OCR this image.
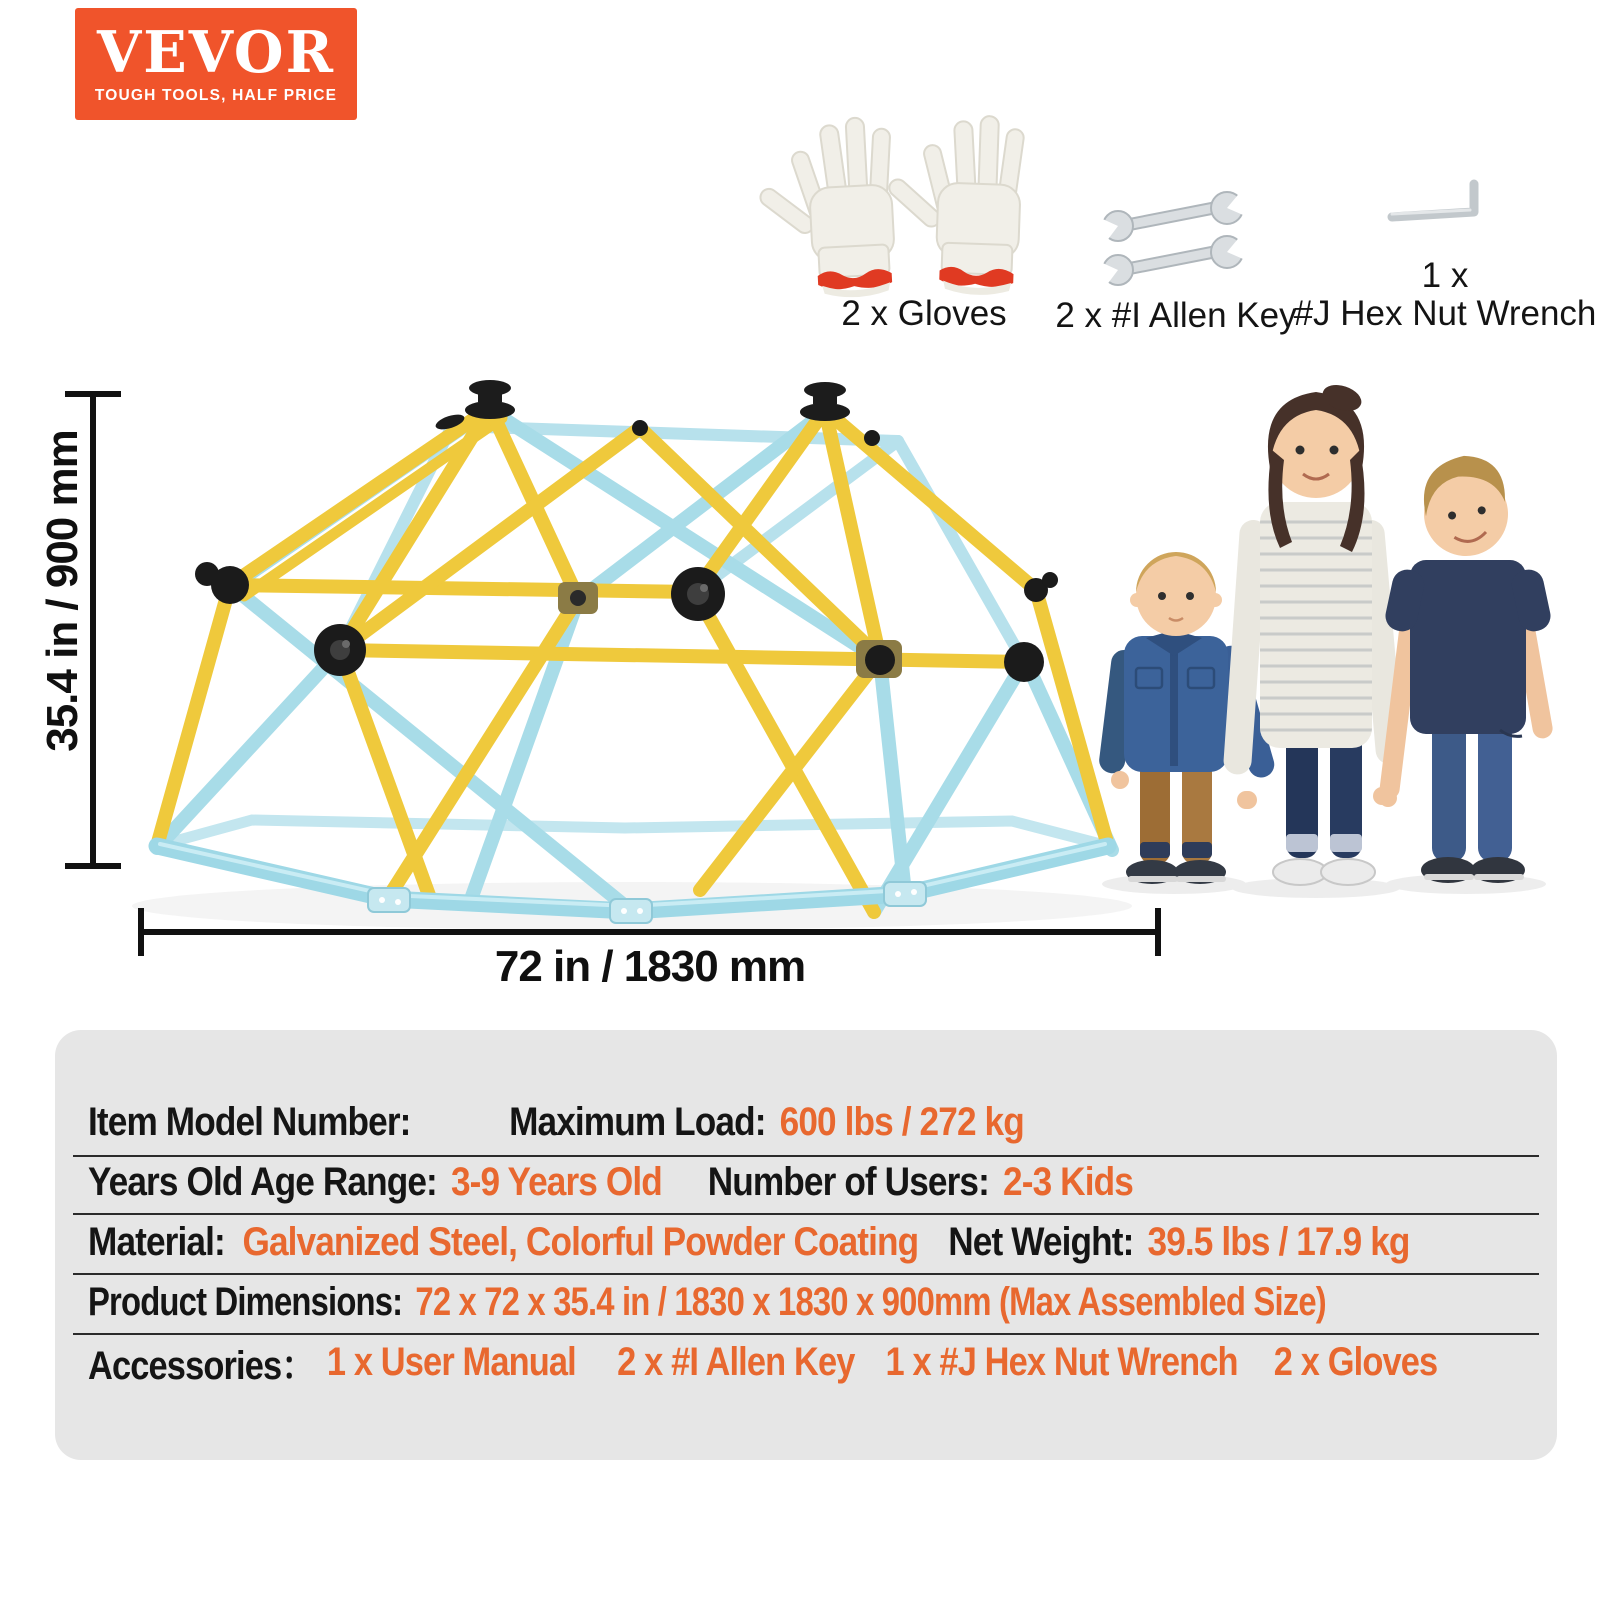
VEVOR
TOUGH TOOLS, HALF PRICE
2 x Gloves	2 x #I Allen Key
1 x
#J Hex Nut Wrench
35.4 in / 900 mm
72 in / 1830 mm
Item Model Number: Maximum Load: 600 lbs / 272 kg
Years Old Age Range: 3-9 Years Old Number of Users: 2-3 Kids
Material: Galvanized Steel, Colorful Powder Coating Net Weight: 39.5 lbs / 17.9 kg
Product Dimensions: 72 x 72 x 35.4 in / 1830 x 1830 x 900mm (Max Assembled Size)
Accessories： 1 x User Manual 2 x #I Allen Key 1 x #J Hex Nut Wrench 2 x Gloves
